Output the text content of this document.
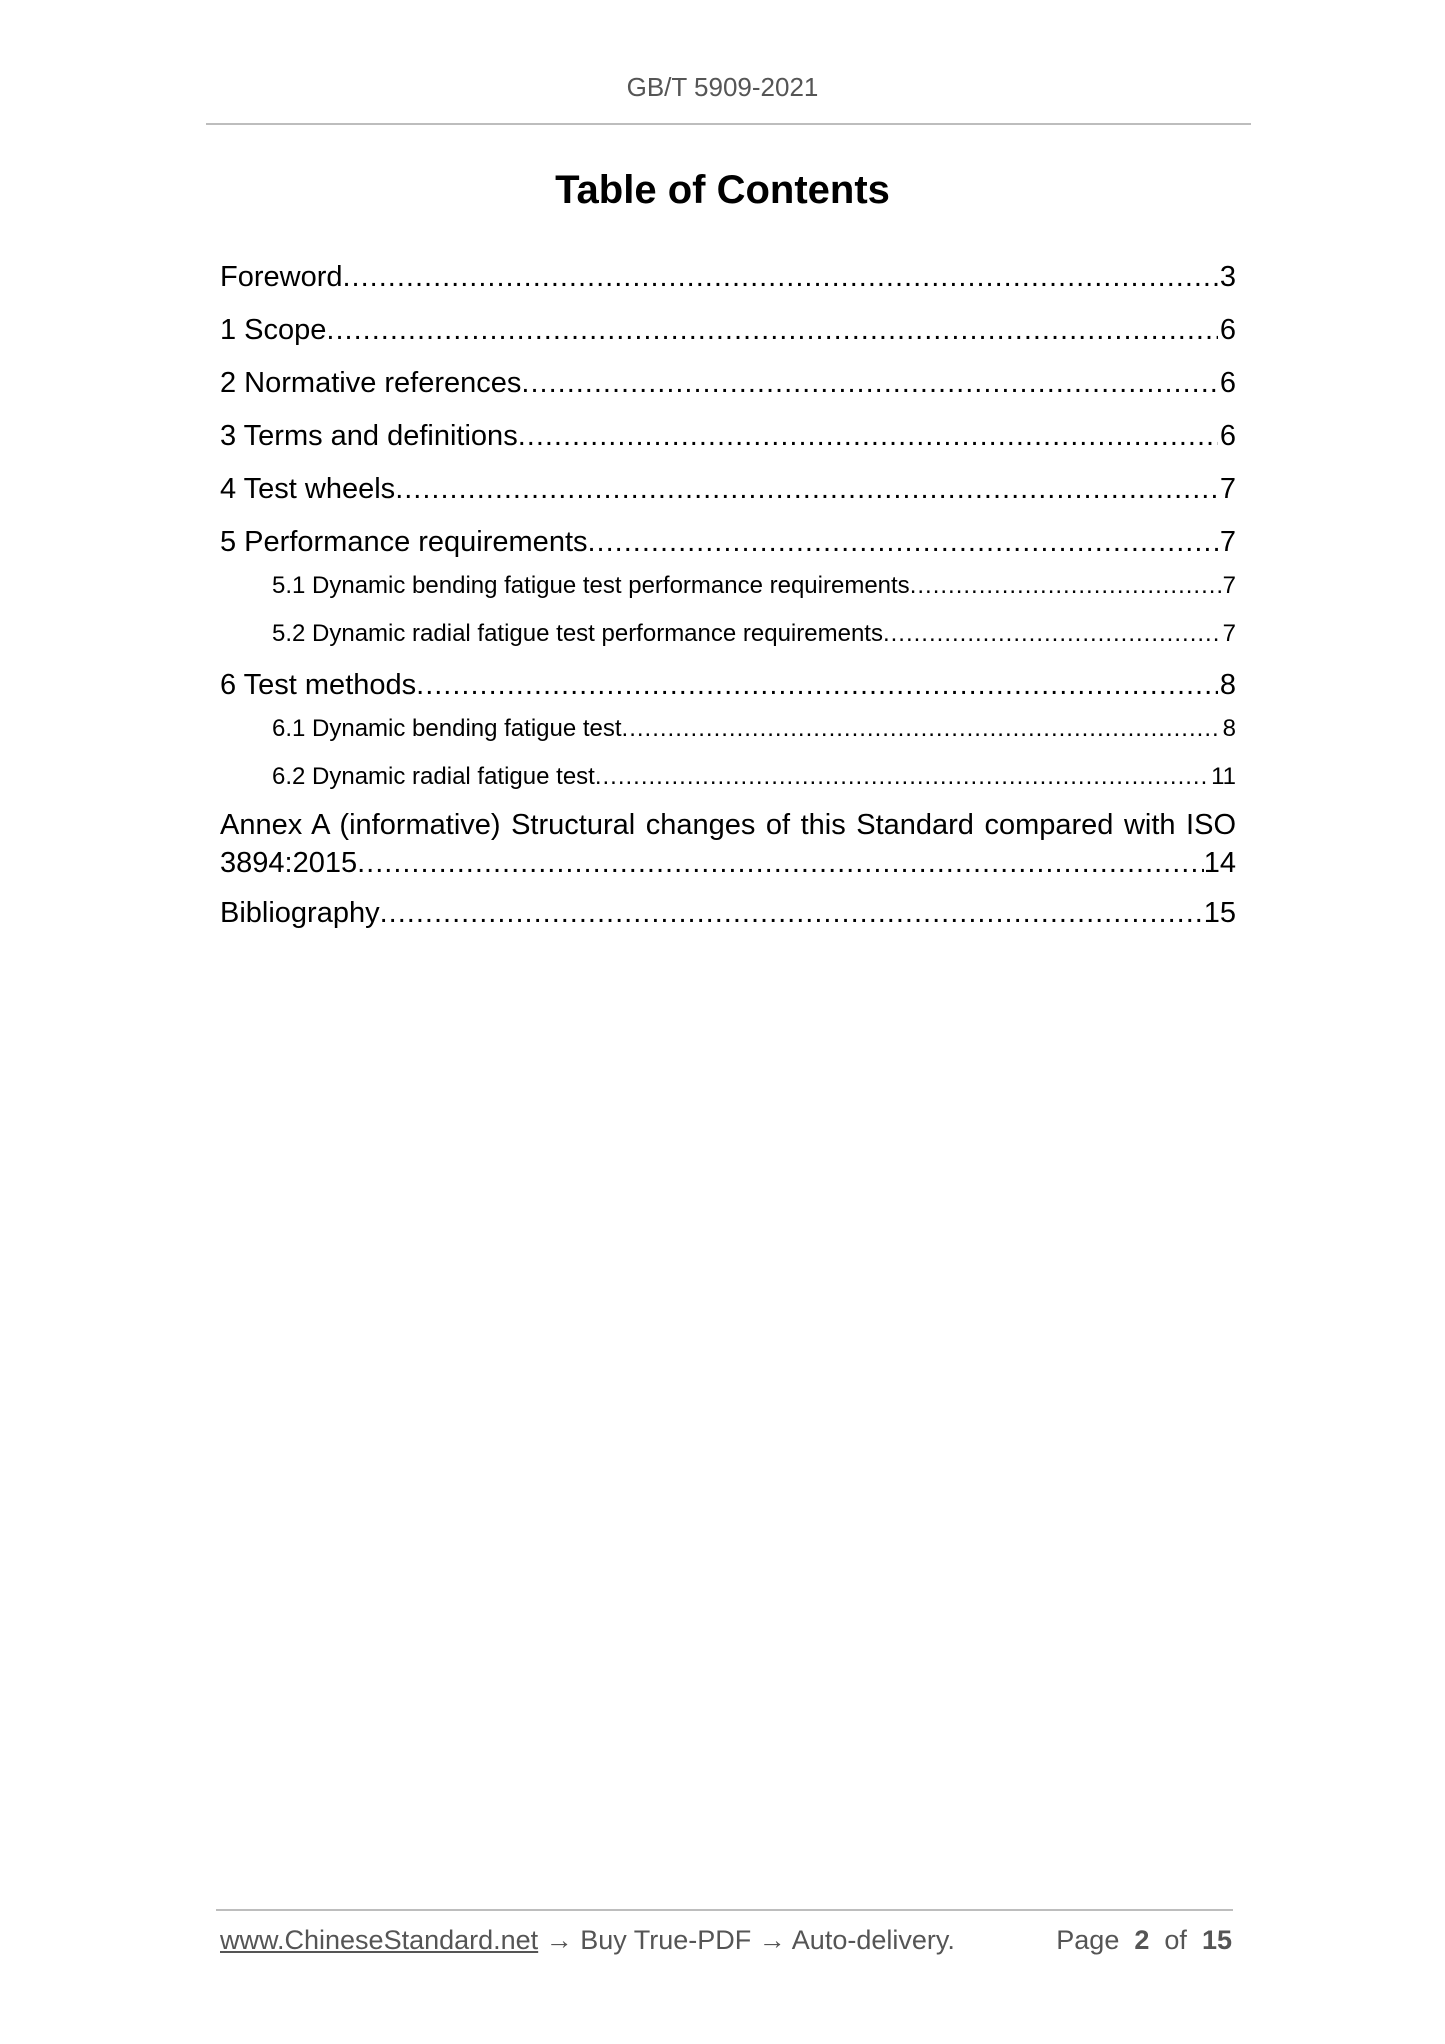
GB/T 5909-2021
Table of Contents
Foreword .....	3
1 Scope .....	6
2 Normative references .....	6
3 Terms and definitions .....	6
4 Test wheels .....	7
5 Performance requirements .....	7
5.1 Dynamic bending fatigue test performance requirements .....	7
5.2 Dynamic radial fatigue test performance requirements .....	7
6 Test methods .....	8
6.1 Dynamic bending fatigue test .....	8
6.2 Dynamic radial fatigue test .....	11
Annex A (informative) Structural changes of this Standard compared with ISO
3894:2015 .....	14
Bibliography .....	15
www.ChineseStandard.net → Buy True-PDF → Auto-delivery.	Page 2 of 15
